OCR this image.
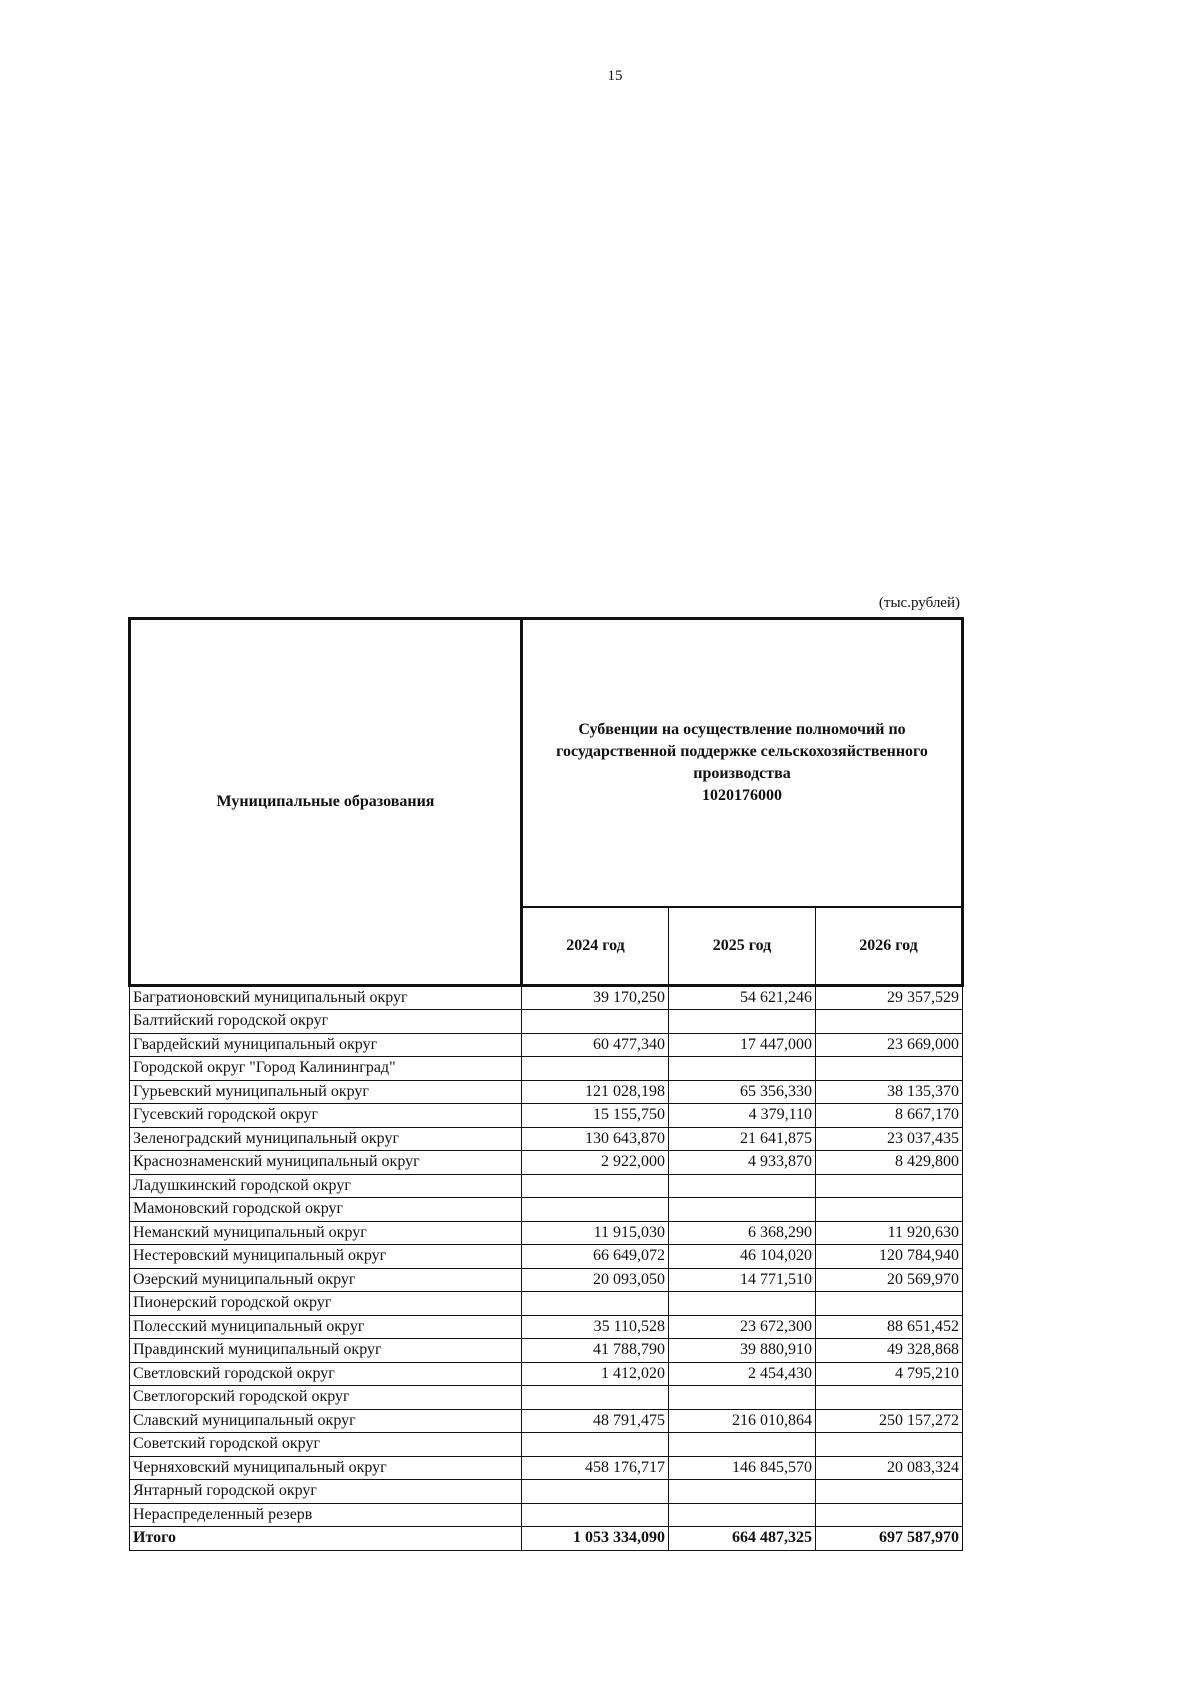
15
(тыс.рублей)
Муниципальные образования	Субвенции на осуществление полномочий по
государственной поддержке сельскохозяйственного
производства
1020176000		

	2024 год	2025 год	2026 год
Багратионовский муниципальный округ	39 170,250	54 621,246	29 357,529
Балтийский городской округ			
Гвардейский муниципальный округ	60 477,340	17 447,000	23 669,000
Городской округ "Город Калининград"			
Гурьевский муниципальный округ	121 028,198	65 356,330	38 135,370
Гусевский городской округ	15 155,750	4 379,110	8 667,170
Зеленоградский муниципальный округ	130 643,870	21 641,875	23 037,435
Краснознаменский муниципальный округ	2 922,000	4 933,870	8 429,800
Ладушкинский городской округ			
Мамоновский городской округ			
Неманский муниципальный округ	11 915,030	6 368,290	11 920,630
Нестеровский муниципальный округ	66 649,072	46 104,020	120 784,940
Озерский муниципальный округ	20 093,050	14 771,510	20 569,970
Пионерский городской округ			
Полесский муниципальный округ	35 110,528	23 672,300	88 651,452
Правдинский муниципальный округ	41 788,790	39 880,910	49 328,868
Светловский городской округ	1 412,020	2 454,430	4 795,210
Светлогорский городской округ			
Славский муниципальный округ	48 791,475	216 010,864	250 157,272
Советский городской округ			
Черняховский муниципальный округ	458 176,717	146 845,570	20 083,324
Янтарный городской округ			
Нераспределенный резерв			
Итого	1 053 334,090	664 487,325	697 587,970
